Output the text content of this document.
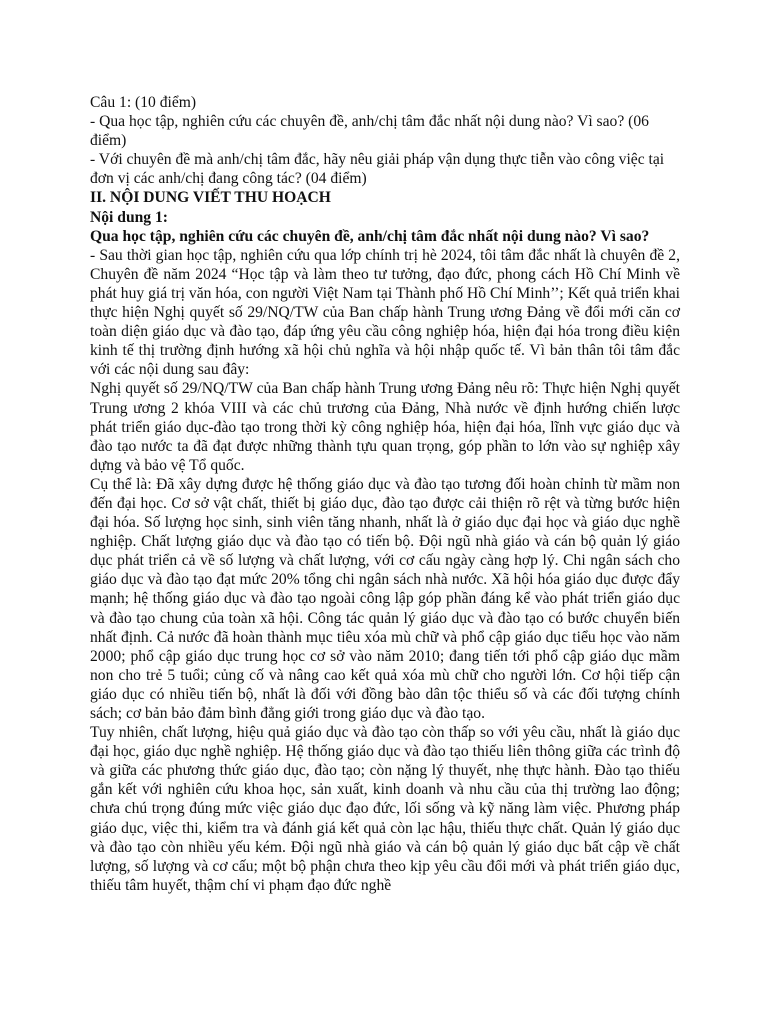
Câu 1: (10 điểm)

- Qua học tập, nghiên cứu các chuyên đề, anh/chị tâm đắc nhất nội dung nào? Vì sao? (06 điểm)

- Với chuyên đề mà anh/chị tâm đắc, hãy nêu giải pháp vận dụng thực tiễn vào công việc tại đơn vị các anh/chị đang công tác? (04 điểm)

II. NỘI DUNG VIẾT THU HOẠCH

Nội dung 1:

Qua học tập, nghiên cứu các chuyên đề, anh/chị tâm đắc nhất nội dung nào? Vì sao?

- Sau thời gian học tập, nghiên cứu qua lớp chính trị hè 2024, tôi tâm đắc nhất là chuyên đề 2, Chuyên đề năm 2024 “Học tập và làm theo tư tưởng, đạo đức, phong cách Hồ Chí Minh về phát huy giá trị văn hóa, con người Việt Nam tại Thành phố Hồ Chí Minh’’; Kết quả triển khai thực hiện Nghị quyết số 29/NQ/TW của Ban chấp hành Trung ương Đảng về đổi mới căn cơ toàn diện giáo dục và đào tạo, đáp ứng yêu cầu công nghiệp hóa, hiện đại hóa trong điều kiện kinh tế thị trường định hướng xã hội chủ nghĩa và hội nhập quốc tế. Vì bản thân tôi tâm đắc với các nội dung sau đây:

Nghị quyết số 29/NQ/TW của Ban chấp hành Trung ương Đảng nêu rõ: Thực hiện Nghị quyết Trung ương 2 khóa VIII và các chủ trương của Đảng, Nhà nước về định hướng chiến lược phát triển giáo dục-đào tạo trong thời kỳ công nghiệp hóa, hiện đại hóa, lĩnh vực giáo dục và đào tạo nước ta đã đạt được những thành tựu quan trọng, góp phần to lớn vào sự nghiệp xây dựng và bảo vệ Tổ quốc.

Cụ thể là: Đã xây dựng được hệ thống giáo dục và đào tạo tương đối hoàn chỉnh từ mầm non đến đại học. Cơ sở vật chất, thiết bị giáo dục, đào tạo được cải thiện rõ rệt và từng bước hiện đại hóa. Số lượng học sinh, sinh viên tăng nhanh, nhất là ở giáo dục đại học và giáo dục nghề nghiệp. Chất lượng giáo dục và đào tạo có tiến bộ. Đội ngũ nhà giáo và cán bộ quản lý giáo dục phát triển cả về số lượng và chất lượng, với cơ cấu ngày càng hợp lý. Chi ngân sách cho giáo dục và đào tạo đạt mức 20% tổng chi ngân sách nhà nước. Xã hội hóa giáo dục được đẩy mạnh; hệ thống giáo dục và đào tạo ngoài công lập góp phần đáng kể vào phát triển giáo dục và đào tạo chung của toàn xã hội. Công tác quản lý giáo dục và đào tạo có bước chuyển biến nhất định. Cả nước đã hoàn thành mục tiêu xóa mù chữ và phổ cập giáo dục tiểu học vào năm 2000; phổ cập giáo dục trung học cơ sở vào năm 2010; đang tiến tới phổ cập giáo dục mầm non cho trẻ 5 tuổi; củng cố và nâng cao kết quả xóa mù chữ cho người lớn. Cơ hội tiếp cận giáo dục có nhiều tiến bộ, nhất là đối với đồng bào dân tộc thiểu số và các đối tượng chính sách; cơ bản bảo đảm bình đẳng giới trong giáo dục và đào tạo.

Tuy nhiên, chất lượng, hiệu quả giáo dục và đào tạo còn thấp so với yêu cầu, nhất là giáo dục đại học, giáo dục nghề nghiệp. Hệ thống giáo dục và đào tạo thiếu liên thông giữa các trình độ và giữa các phương thức giáo dục, đào tạo; còn nặng lý thuyết, nhẹ thực hành. Đào tạo thiếu gắn kết với nghiên cứu khoa học, sản xuất, kinh doanh và nhu cầu của thị trường lao động; chưa chú trọng đúng mức việc giáo dục đạo đức, lối sống và kỹ năng làm việc. Phương pháp giáo dục, việc thi, kiểm tra và đánh giá kết quả còn lạc hậu, thiếu thực chất. Quản lý giáo dục và đào tạo còn nhiều yếu kém. Đội ngũ nhà giáo và cán bộ quản lý giáo dục bất cập về chất lượng, số lượng và cơ cấu; một bộ phận chưa theo kịp yêu cầu đổi mới và phát triển giáo dục, thiếu tâm huyết, thậm chí vi phạm đạo đức nghề
